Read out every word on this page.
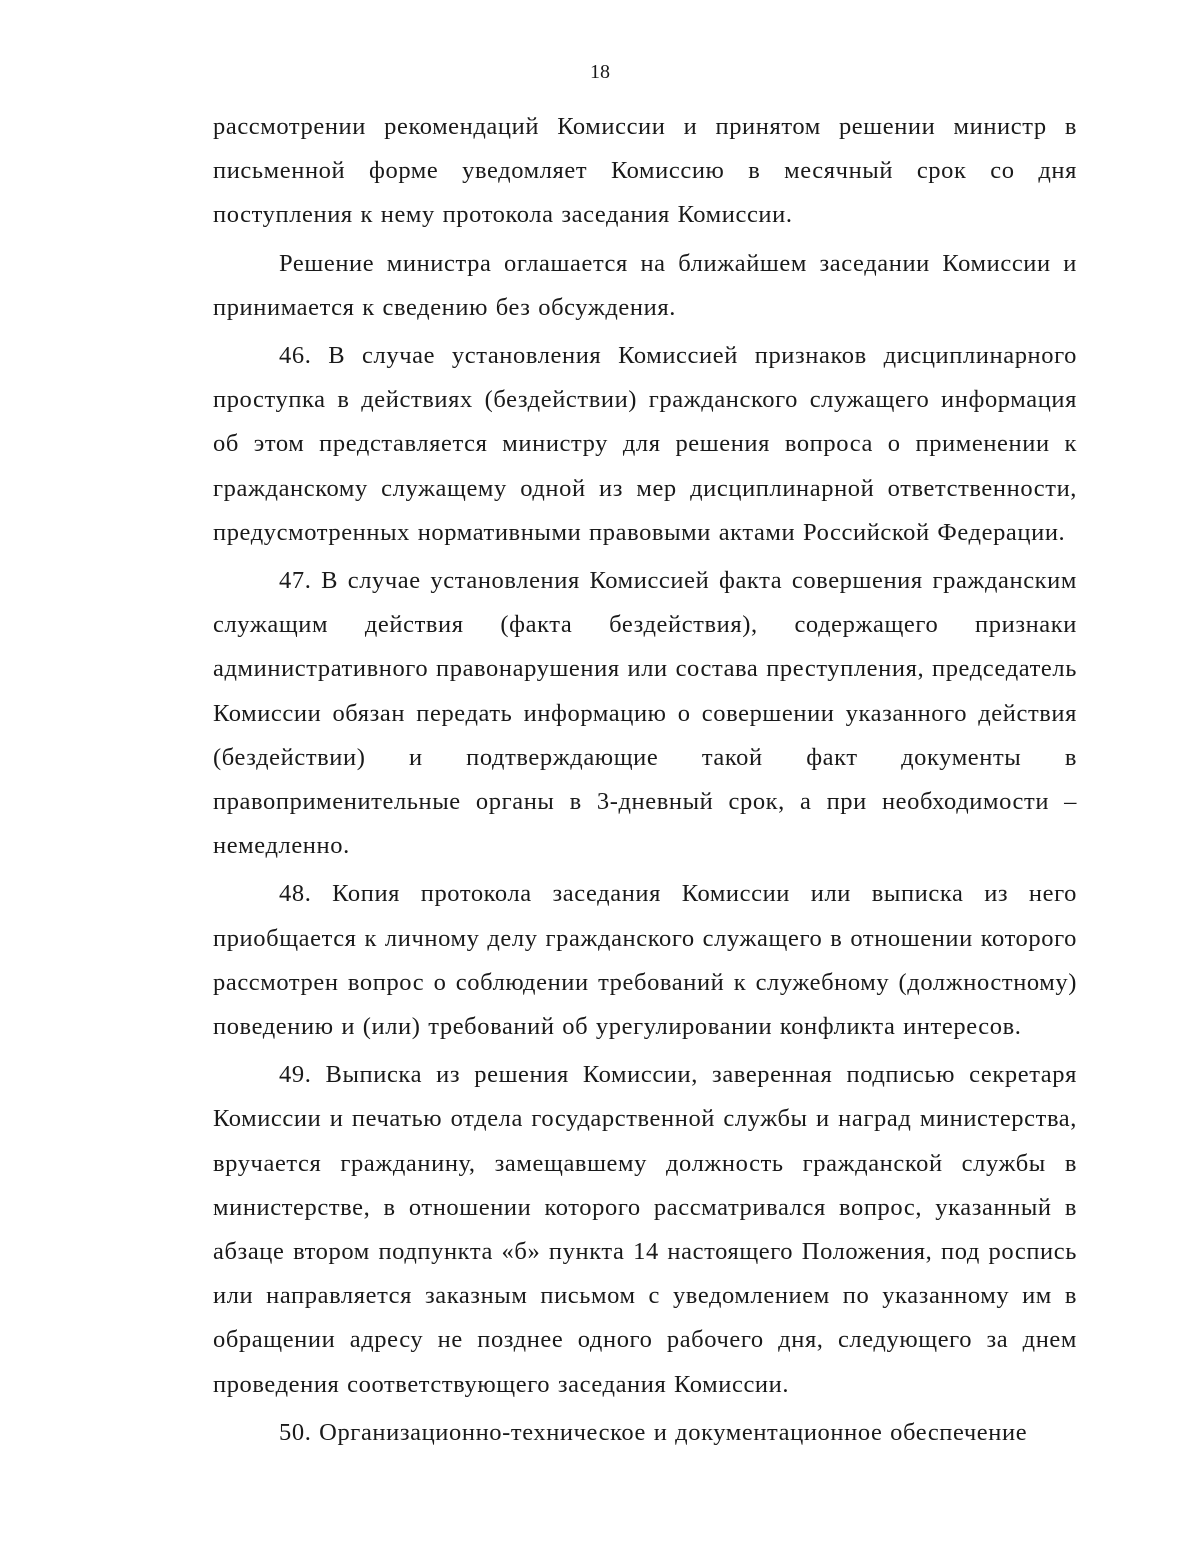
18

рассмотрении рекомендаций Комиссии и принятом решении министр в письменной форме уведомляет Комиссию в месячный срок со дня поступления к нему протокола заседания Комиссии.

Решение министра оглашается на ближайшем заседании Комиссии и принимается к сведению без обсуждения.

46. В случае установления Комиссией признаков дисциплинарного проступка в действиях (бездействии) гражданского служащего информация об этом представляется министру для решения вопроса о применении к гражданскому служащему одной из мер дисциплинарной ответственности, предусмотренных нормативными правовыми актами Российской Федерации.

47. В случае установления Комиссией факта совершения гражданским служащим действия (факта бездействия), содержащего признаки административного правонарушения или состава преступления, председатель Комиссии обязан передать информацию о совершении указанного действия (бездействии) и подтверждающие такой факт документы в правоприменительные органы в 3-дневный срок, а при необходимости – немедленно.

48. Копия протокола заседания Комиссии или выписка из него приобщается к личному делу гражданского служащего в отношении которого рассмотрен вопрос о соблюдении требований к служебному (должностному) поведению и (или) требований об урегулировании конфликта интересов.

49. Выписка из решения Комиссии, заверенная подписью секретаря Комиссии и печатью отдела государственной службы и наград министерства, вручается гражданину, замещавшему должность гражданской службы в министерстве, в отношении которого рассматривался вопрос, указанный в абзаце втором подпункта «б» пункта 14 настоящего Положения, под роспись или направляется заказным письмом с уведомлением по указанному им в обращении адресу не позднее одного рабочего дня, следующего за днем проведения соответствующего заседания Комиссии.

50. Организационно-техническое и документационное обеспечение
